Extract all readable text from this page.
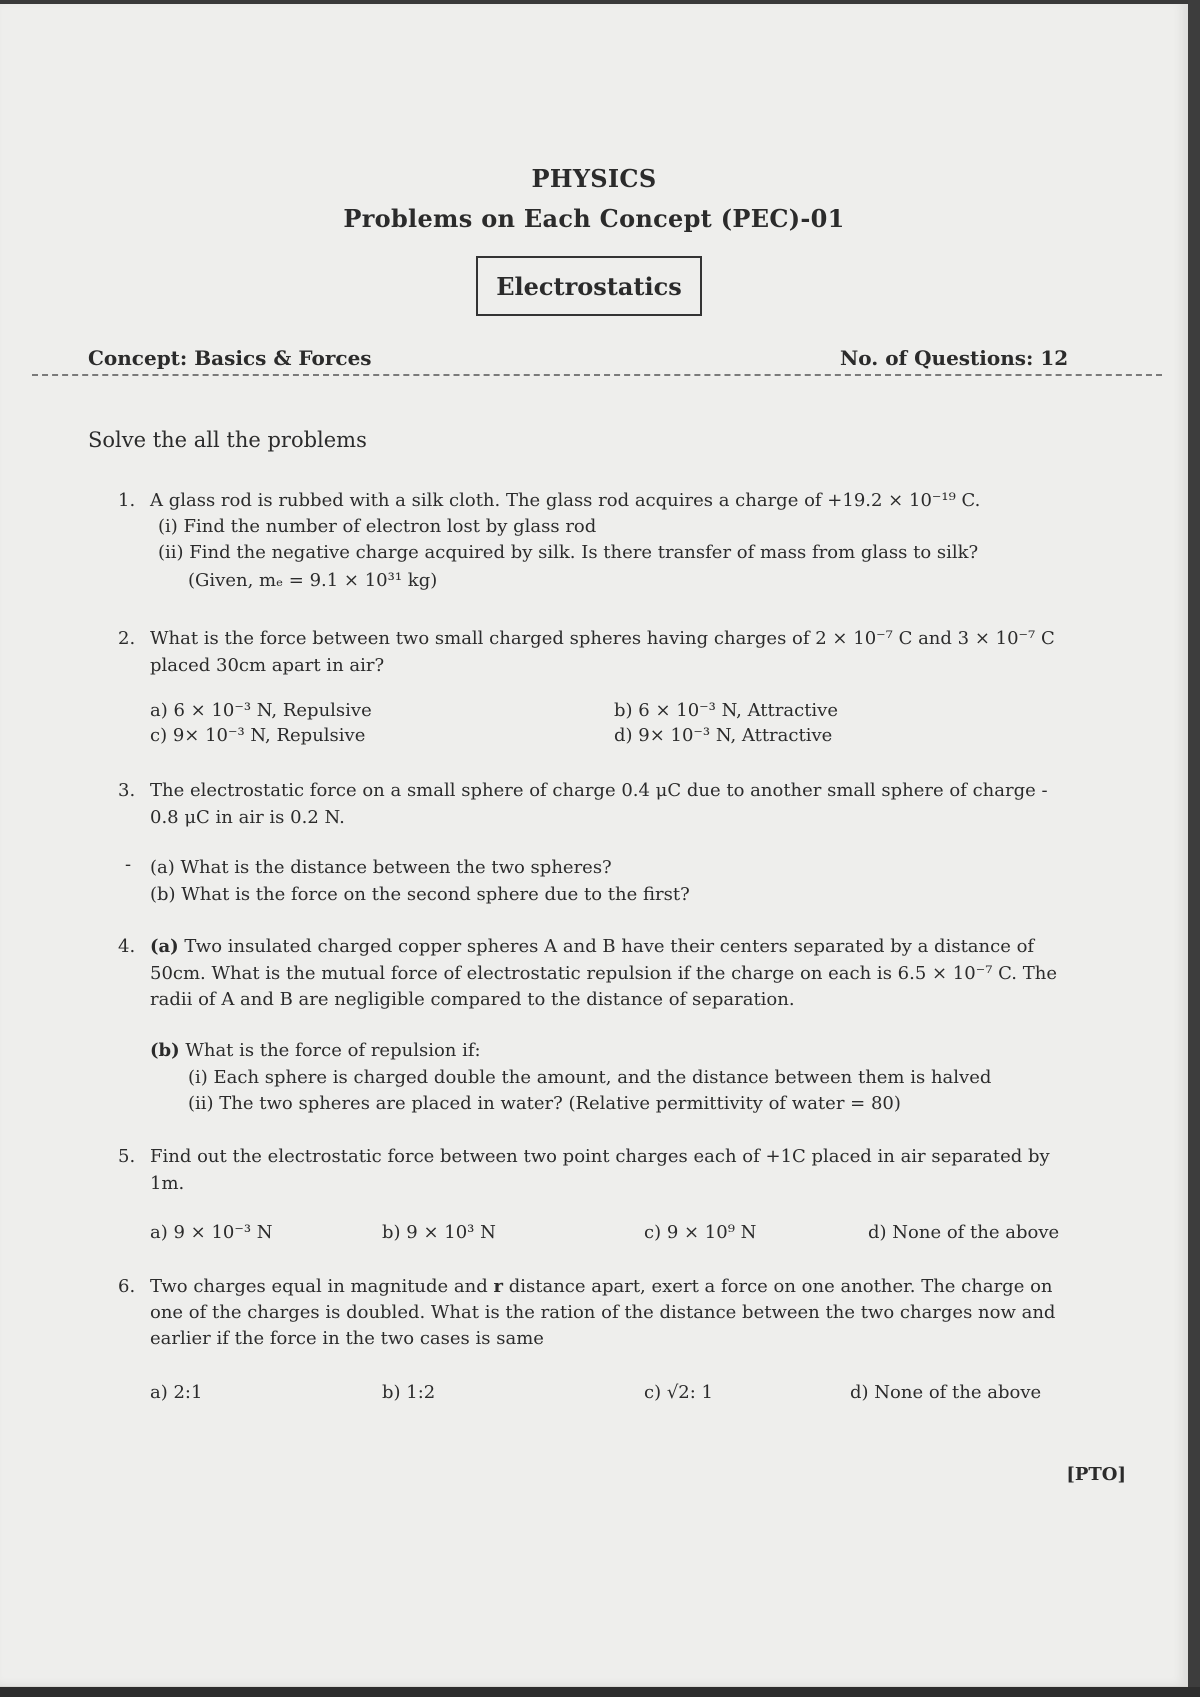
PHYSICS
Problems on Each Concept (PEC)-01
Electrostatics
Concept: Basics & Forces	No. of Questions: 12
Solve the all the problems
1. A glass rod is rubbed with a silk cloth. The glass rod acquires a charge of +19.2 × 10⁻¹⁹ C.
(i) Find the number of electron lost by glass rod
(ii) Find the negative charge acquired by silk. Is there transfer of mass from glass to silk?
(Given, mₑ = 9.1 × 10³¹ kg)
2. What is the force between two small charged spheres having charges of 2 × 10⁻⁷ C and 3 × 10⁻⁷ C
placed 30cm apart in air?
a) 6 × 10⁻³ N, Repulsive	b) 6 × 10⁻³ N, Attractive
c) 9× 10⁻³ N, Repulsive	d) 9× 10⁻³ N, Attractive
3. The electrostatic force on a small sphere of charge 0.4 μC due to another small sphere of charge -
0.8 μC in air is 0.2 N.
- (a) What is the distance between the two spheres?
(b) What is the force on the second sphere due to the first?
4. (a) Two insulated charged copper spheres A and B have their centers separated by a distance of
50cm. What is the mutual force of electrostatic repulsion if the charge on each is 6.5 × 10⁻⁷ C. The
radii of A and B are negligible compared to the distance of separation.
(b) What is the force of repulsion if:
(i) Each sphere is charged double the amount, and the distance between them is halved
(ii) The two spheres are placed in water? (Relative permittivity of water = 80)
5. Find out the electrostatic force between two point charges each of +1C placed in air separated by
1m.
a) 9 × 10⁻³ N	b) 9 × 10³ N	c) 9 × 10⁹ N	d) None of the above
6. Two charges equal in magnitude and r distance apart, exert a force on one another. The charge on
one of the charges is doubled. What is the ration of the distance between the two charges now and
earlier if the force in the two cases is same
a) 2:1	b) 1:2	c) √2: 1	d) None of the above
[PTO]
